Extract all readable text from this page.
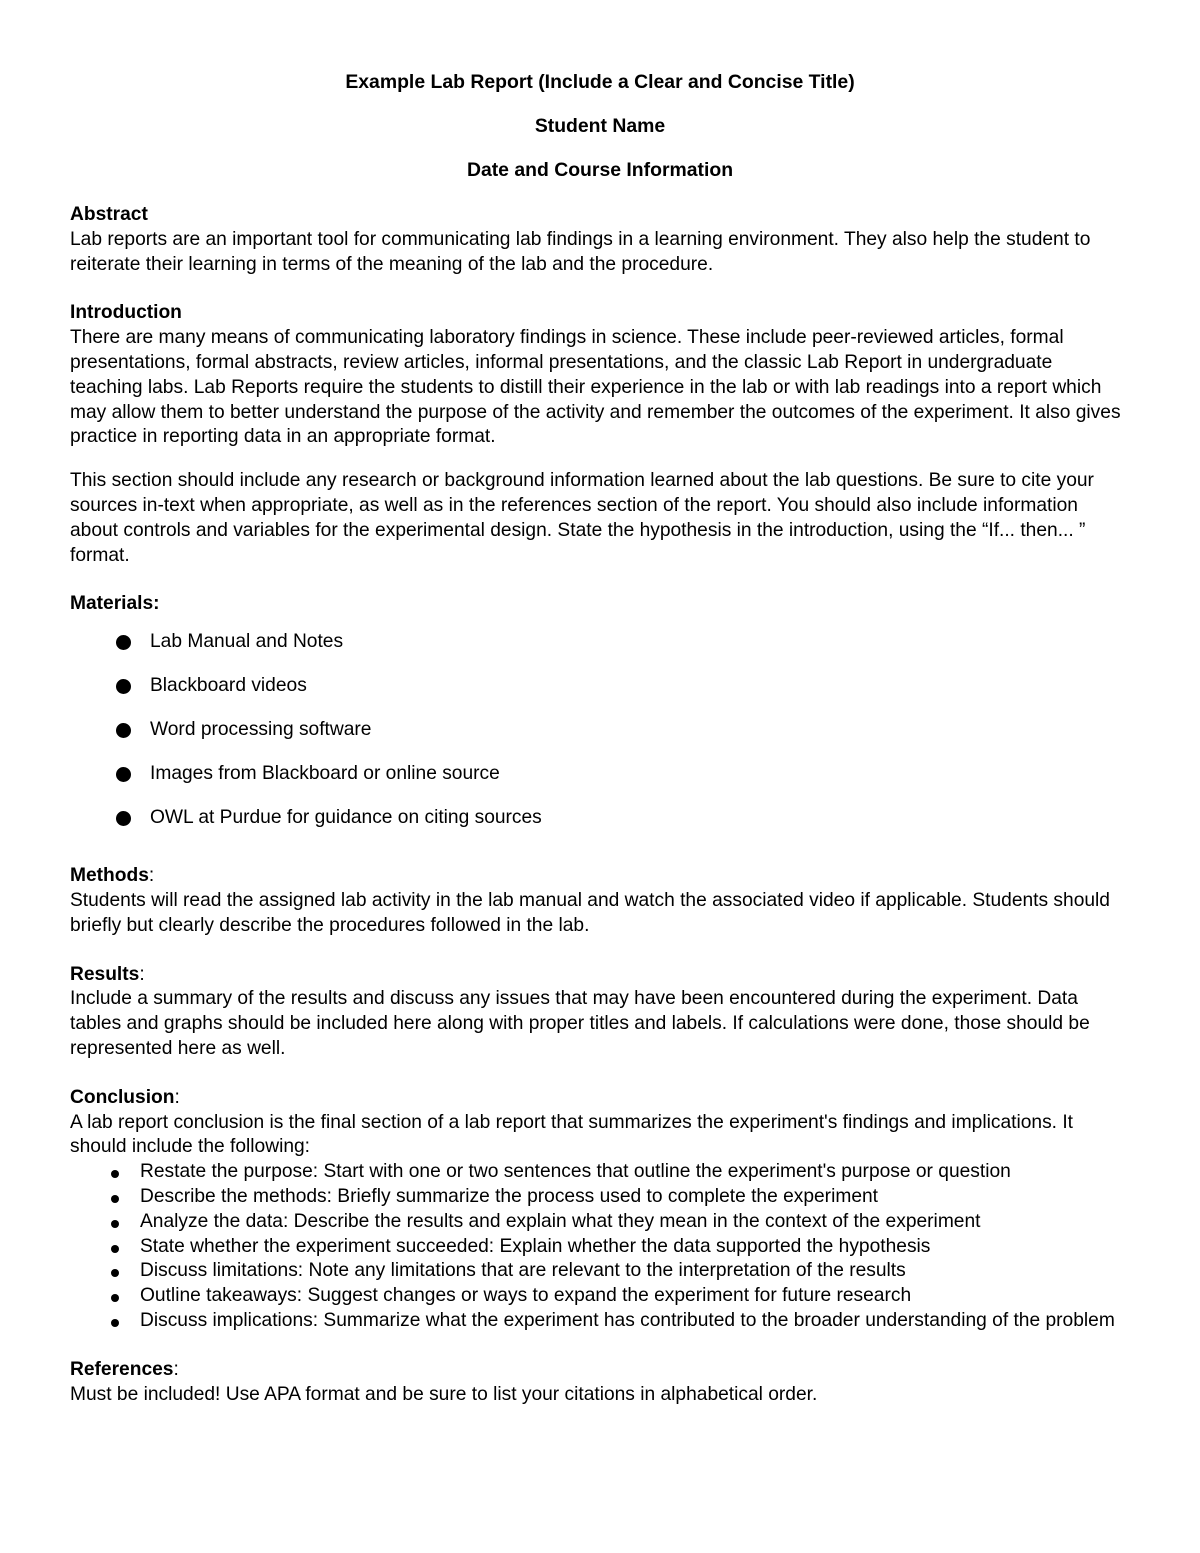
Example Lab Report (Include a Clear and Concise Title)
Student Name
Date and Course Information
Abstract

Lab reports are an important tool for communicating lab findings in a learning environment. They also help the student to reiterate their learning in terms of the meaning of the lab and the procedure.

Introduction

There are many means of communicating laboratory findings in science. These include peer-reviewed articles, formal presentations, formal abstracts, review articles, informal presentations, and the classic Lab Report in undergraduate teaching labs. Lab Reports require the students to distill their experience in the lab or with lab readings into a report which may allow them to better understand the purpose of the activity and remember the outcomes of the experiment. It also gives practice in reporting data in an appropriate format.

This section should include any research or background information learned about the lab questions. Be sure to cite your sources in-text when appropriate, as well as in the references section of the report. You should also include information about controls and variables for the experimental design. State the hypothesis in the introduction, using the “If... then... ” format.

Materials:
Lab Manual and Notes
Blackboard videos
Word processing software
Images from Blackboard or online source
OWL at Purdue for guidance on citing sources
Methods:

Students will read the assigned lab activity in the lab manual and watch the associated video if applicable. Students should briefly but clearly describe the procedures followed in the lab.

Results:

Include a summary of the results and discuss any issues that may have been encountered during the experiment. Data tables and graphs should be included here along with proper titles and labels. If calculations were done, those should be represented here as well.

Conclusion:

A lab report conclusion is the final section of a lab report that summarizes the experiment's findings and implications. It should include the following:

Restate the purpose: Start with one or two sentences that outline the experiment's purpose or question
Describe the methods: Briefly summarize the process used to complete the experiment
Analyze the data: Describe the results and explain what they mean in the context of the experiment
State whether the experiment succeeded: Explain whether the data supported the hypothesis
Discuss limitations: Note any limitations that are relevant to the interpretation of the results
Outline takeaways: Suggest changes or ways to expand the experiment for future research
Discuss implications: Summarize what the experiment has contributed to the broader understanding of the problem
References:

Must be included! Use APA format and be sure to list your citations in alphabetical order.
